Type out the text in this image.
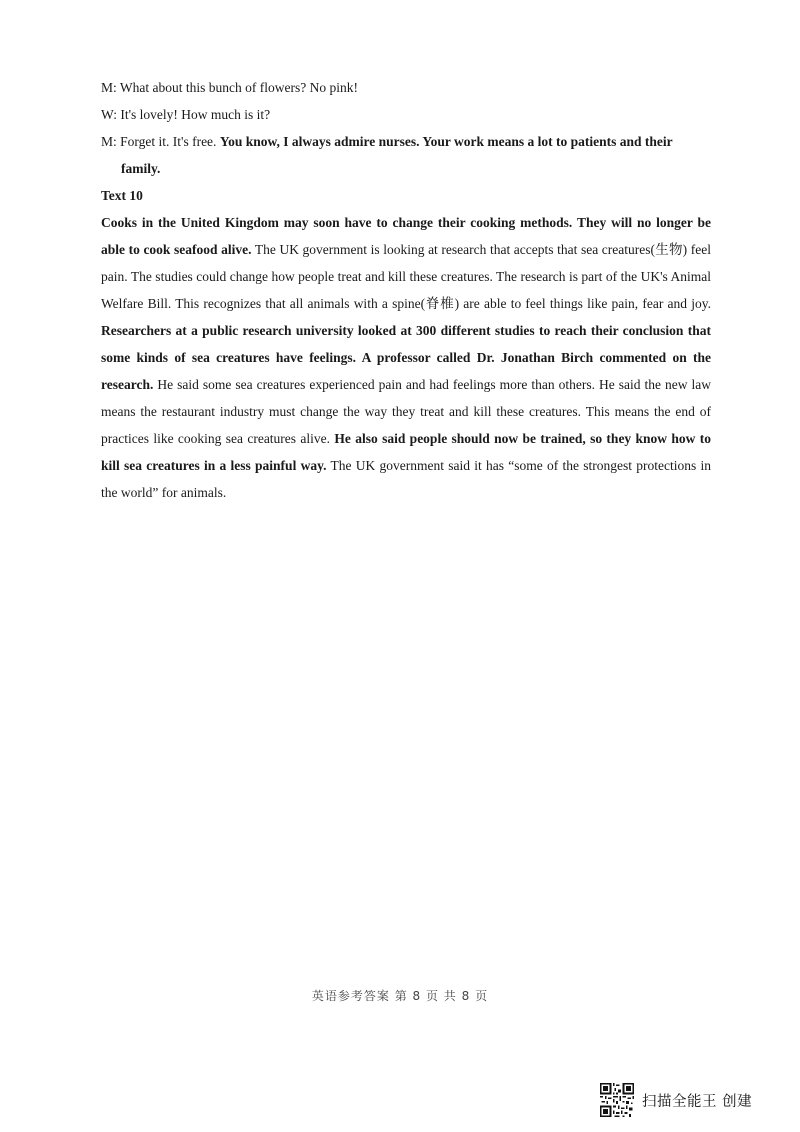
M: What about this bunch of flowers? No pink!

W: It's lovely! How much is it?

M: Forget it. It's free. You know, I always admire nurses. Your work means a lot to patients and their family.

Text 10

Cooks in the United Kingdom may soon have to change their cooking methods. They will no longer be able to cook seafood alive. The UK government is looking at research that accepts that sea creatures(生物) feel pain. The studies could change how people treat and kill these creatures. The research is part of the UK's Animal Welfare Bill. This recognizes that all animals with a spine(脊椎) are able to feel things like pain, fear and joy. Researchers at a public research university looked at 300 different studies to reach their conclusion that some kinds of sea creatures have feelings. A professor called Dr. Jonathan Birch commented on the research. He said some sea creatures experienced pain and had feelings more than others. He said the new law means the restaurant industry must change the way they treat and kill these creatures. This means the end of practices like cooking sea creatures alive. He also said people should now be trained, so they know how to kill sea creatures in a less painful way. The UK government said it has “some of the strongest protections in the world” for animals.

英语参考答案 第 8 页 共 8 页
扫描全能王 创建
